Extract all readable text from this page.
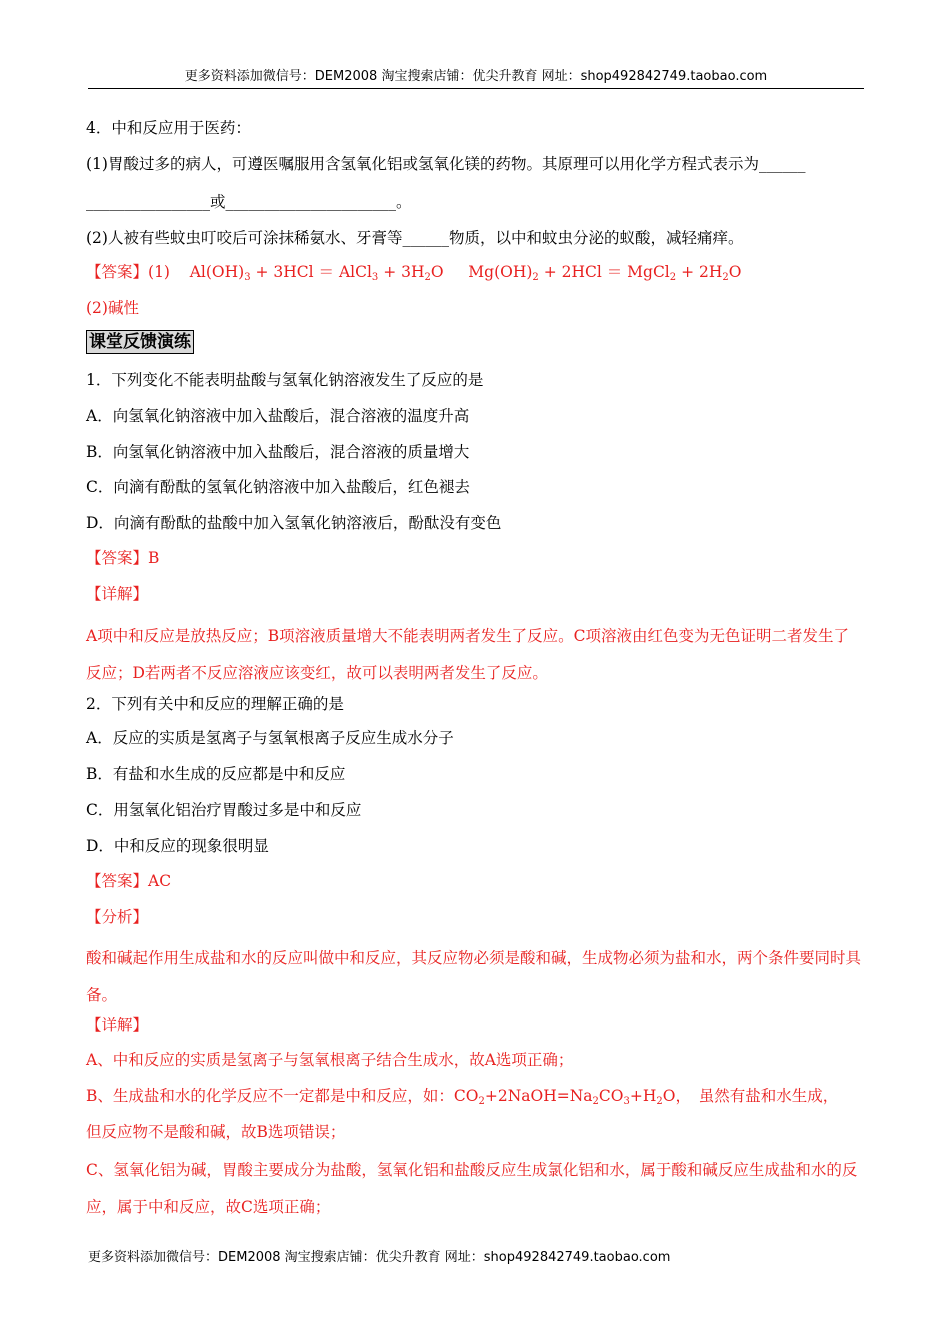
更多资料添加微信号：DEM2008 淘宝搜索店铺：优尖升教育 网址：shop492842749.taobao.com
4．中和反应用于医药：
(1)胃酸过多的病人，可遵医嘱服用含氢氧化铝或氢氧化镁的药物。其原理可以用化学方程式表示为______
________________或______________________。
(2)人被有些蚊虫叮咬后可涂抹稀氨水、牙膏等______物质，以中和蚊虫分泌的蚁酸，减轻痛痒。
【答案】(1)    $Al(OH)_3 + 3HCl$ ＝ AlCl$_3$ + $3H_2O$     $Mg(OH)_2 + 2HCl$ ＝ MgCl$_2$ + $2H_2O$
(2)碱性
课堂反馈演练
1．下列变化不能表明盐酸与氢氧化钠溶液发生了反应的是
A．向氢氧化钠溶液中加入盐酸后，混合溶液的温度升高
B．向氢氧化钠溶液中加入盐酸后，混合溶液的质量增大
C．向滴有酚酞的氢氧化钠溶液中加入盐酸后，红色褪去
D．向滴有酚酞的盐酸中加入氢氧化钠溶液后，酚酞没有变色
【答案】B
【详解】
A项中和反应是放热反应；B项溶液质量增大不能表明两者发生了反应。C项溶液由红色变为无色证明二者发生了反应；D若两者不反应溶液应该变红，故可以表明两者发生了反应。
2．下列有关中和反应的理解正确的是
A．反应的实质是氢离子与氢氧根离子反应生成水分子
B．有盐和水生成的反应都是中和反应
C．用氢氧化铝治疗胃酸过多是中和反应
D．中和反应的现象很明显
【答案】AC
【分析】
酸和碱起作用生成盐和水的反应叫做中和反应，其反应物必须是酸和碱，生成物必须为盐和水，两个条件要同时具备。
【详解】
A、中和反应的实质是氢离子与氢氧根离子结合生成水，故A选项正确；
B、生成盐和水的化学反应不一定都是中和反应，如：$CO_2+2NaOH=Na_2CO_3+H_2O$，　虽然有盐和水生成，
但反应物不是酸和碱，故B选项错误；
C、氢氧化铝为碱，胃酸主要成分为盐酸，氢氧化铝和盐酸反应生成氯化铝和水，属于酸和碱反应生成盐和水的反应，属于中和反应，故C选项正确；
更多资料添加微信号：DEM2008 淘宝搜索店铺：优尖升教育 网址：shop492842749.taobao.com
